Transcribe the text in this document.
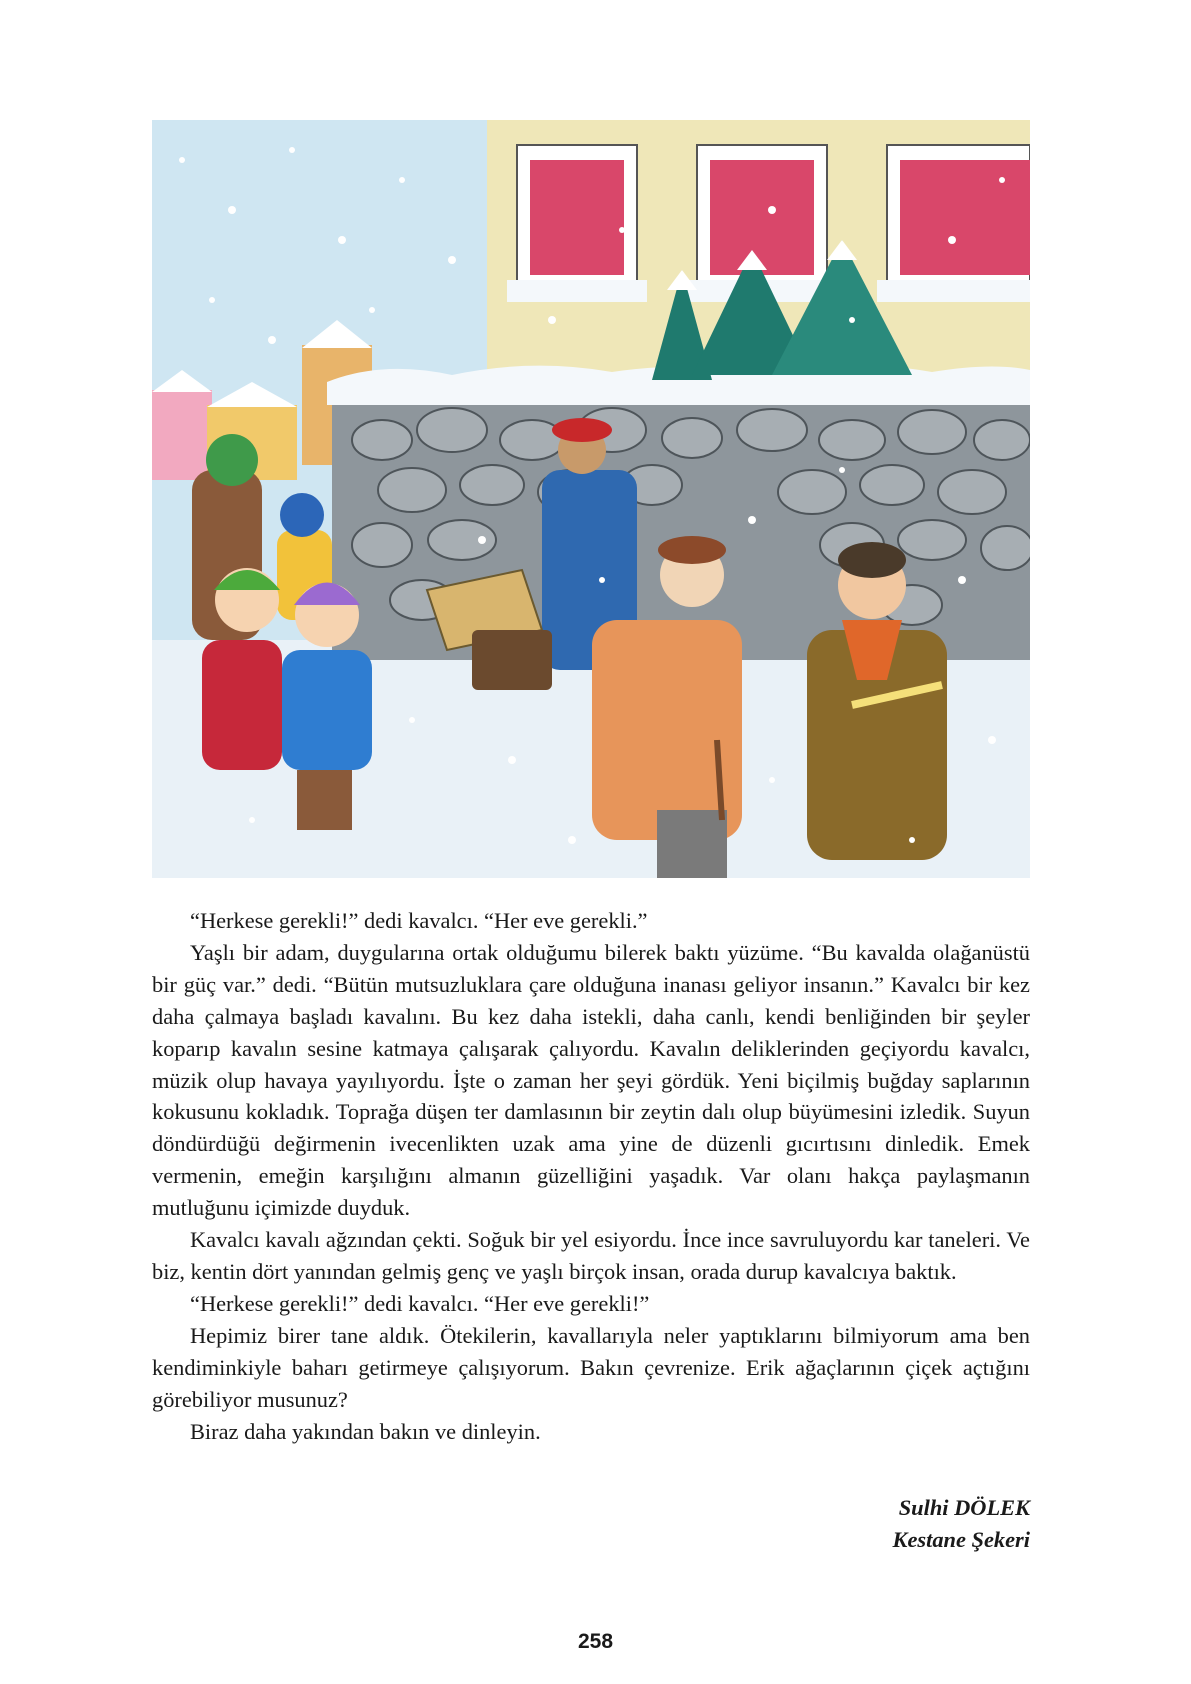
“Herkese gerekli!” dedi kavalcı. “Her eve gerekli.”

Yaşlı bir adam, duygularına ortak olduğumu bilerek baktı yüzüme. “Bu kavalda olağanüstü bir güç var.” dedi. “Bütün mutsuzluklara çare olduğuna inanası geliyor insanın.” Kavalcı bir kez daha çalmaya başladı kavalını. Bu kez daha istekli, daha canlı, kendi benliğinden bir şeyler koparıp kavalın sesine katmaya çalışarak çalıyordu. Kavalın deliklerinden geçiyordu kavalcı, müzik olup havaya yayılıyordu. İşte o zaman her şeyi gördük. Yeni biçilmiş buğday saplarının kokusunu kokladık. Toprağa düşen ter damlasının bir zeytin dalı olup büyümesini izledik. Suyun döndürdüğü değirmenin ivecenlikten uzak ama yine de düzenli gıcırtısını dinledik. Emek vermenin, emeğin karşılığını almanın güzelliğini yaşadık. Var olanı hakça paylaşmanın mutluğunu içimizde duyduk.

Kavalcı kavalı ağzından çekti. Soğuk bir yel esiyordu. İnce ince savruluyordu kar taneleri. Ve biz, kentin dört yanından gelmiş genç ve yaşlı birçok insan, orada durup kavalcıya baktık.

“Herkese gerekli!” dedi kavalcı. “Her eve gerekli!”

Hepimiz birer tane aldık. Ötekilerin, kavallarıyla neler yaptıklarını bilmiyorum ama ben kendiminkiyle baharı getirmeye çalışıyorum. Bakın çevrenize. Erik ağaçlarının çiçek açtığını görebiliyor musunuz?

Biraz daha yakından bakın ve dinleyin.

Sulhi DÖLEK
Kestane Şekeri
258
